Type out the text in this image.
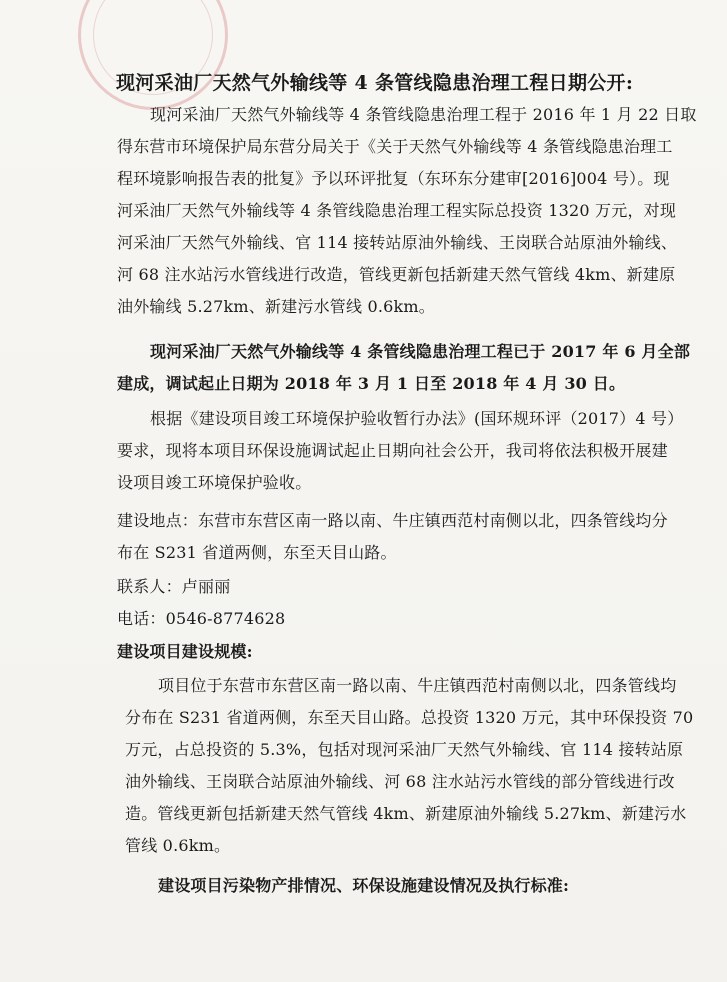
现河采油厂天然气外输线等 4 条管线隐患治理工程日期公开:
现河采油厂天然气外输线等 4 条管线隐患治理工程于 2016 年 1 月 22 日取
得东营市环境保护局东营分局关于《关于天然气外输线等 4 条管线隐患治理工
程环境影响报告表的批复》予以环评批复（东环东分建审[2016]004 号）。现
河采油厂天然气外输线等 4 条管线隐患治理工程实际总投资 1320 万元，对现
河采油厂天然气外输线、官 114 接转站原油外输线、王岗联合站原油外输线、
河 68 注水站污水管线进行改造，管线更新包括新建天然气管线 4km、新建原
油外输线 5.27km、新建污水管线 0.6km。
现河采油厂天然气外输线等 4 条管线隐患治理工程已于 2017 年 6 月全部
建成，调试起止日期为 2018 年 3 月 1 日至 2018 年 4 月 30 日。
根据《建设项目竣工环境保护验收暂行办法》(国环规环评（2017）4 号）
要求，现将本项目环保设施调试起止日期向社会公开，我司将依法积极开展建
设项目竣工环境保护验收。
建设地点：东营市东营区南一路以南、牛庄镇西范村南侧以北，四条管线均分
布在 S231 省道两侧，东至天目山路。
联系人：卢丽丽
电话：0546-8774628
建设项目建设规模:
项目位于东营市东营区南一路以南、牛庄镇西范村南侧以北，四条管线均
分布在 S231 省道两侧，东至天目山路。总投资 1320 万元，其中环保投资 70
万元，占总投资的 5.3%，包括对现河采油厂天然气外输线、官 114 接转站原
油外输线、王岗联合站原油外输线、河 68 注水站污水管线的部分管线进行改
造。管线更新包括新建天然气管线 4km、新建原油外输线 5.27km、新建污水
管线 0.6km。
建设项目污染物产排情况、环保设施建设情况及执行标准:
